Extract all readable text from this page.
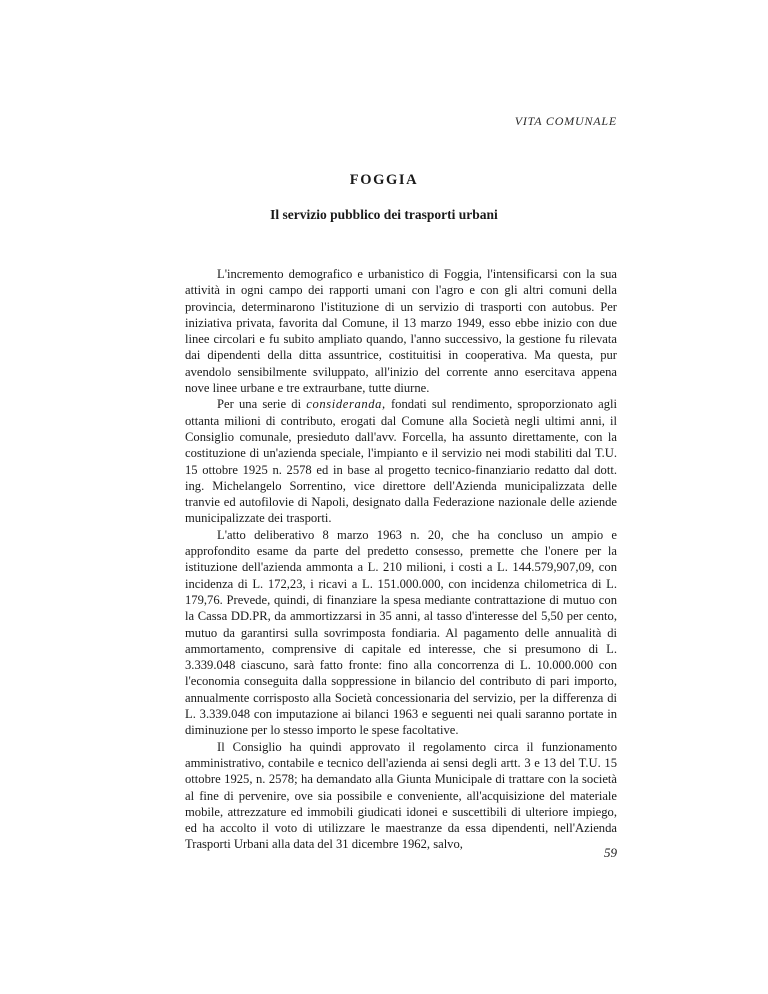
VITA COMUNALE
FOGGIA
Il servizio pubblico dei trasporti urbani

L'incremento demografico e urbanistico di Foggia, l'intensificarsi con la sua attività in ogni campo dei rapporti umani con l'agro e con gli altri comuni della provincia, determinarono l'istituzione di un servizio di trasporti con autobus. Per iniziativa privata, favorita dal Comune, il 13 marzo 1949, esso ebbe inizio con due linee circolari e fu subito ampliato quando, l'anno successivo, la gestione fu rilevata dai dipendenti della ditta assuntrice, costituitisi in cooperativa. Ma questa, pur avendolo sensibilmente sviluppato, all'inizio del corrente anno esercitava appena nove linee urbane e tre extraurbane, tutte diurne.

Per una serie di consideranda, fondati sul rendimento, sproporzionato agli ottanta milioni di contributo, erogati dal Comune alla Società negli ultimi anni, il Consiglio comunale, presieduto dall'avv. Forcella, ha assunto direttamente, con la costituzione di un'azienda speciale, l'impianto e il servizio nei modi stabiliti dal T.U. 15 ottobre 1925 n. 2578 ed in base al progetto tecnico-finanziario redatto dal dott. ing. Michelangelo Sorrentino, vice direttore dell'Azienda municipalizzata delle tranvie ed autofilovie di Napoli, designato dalla Federazione nazionale delle aziende municipalizzate dei trasporti.

L'atto deliberativo 8 marzo 1963 n. 20, che ha concluso un ampio e approfondito esame da parte del predetto consesso, premette che l'onere per la istituzione dell'azienda ammonta a L. 210 milioni, i costi a L. 144.579,907,09, con incidenza di L. 172,23, i ricavi a L. 151.000.000, con incidenza chilometrica di L. 179,76. Prevede, quindi, di finanziare la spesa mediante contrattazione di mutuo con la Cassa DD.PR, da ammortizzarsi in 35 anni, al tasso d'interesse del 5,50 per cento, mutuo da garantirsi sulla sovrimposta fondiaria. Al pagamento delle annualità di ammortamento, comprensive di capitale ed interesse, che si presumono di L. 3.339.048 ciascuno, sarà fatto fronte: fino alla concorrenza di L. 10.000.000 con l'economia conseguita dalla soppressione in bilancio del contributo di pari importo, annualmente corrisposto alla Società concessionaria del servizio, per la differenza di L. 3.339.048 con imputazione ai bilanci 1963 e seguenti nei quali saranno portate in diminuzione per lo stesso importo le spese facoltative.

Il Consiglio ha quindi approvato il regolamento circa il funzionamento amministrativo, contabile e tecnico dell'azienda ai sensi degli artt. 3 e 13 del T.U. 15 ottobre 1925, n. 2578; ha demandato alla Giunta Municipale di trattare con la società al fine di pervenire, ove sia possibile e conveniente, all'acquisizione del materiale mobile, attrezzature ed immobili giudicati idonei e suscettibili di ulteriore impiego, ed ha accolto il voto di utilizzare le maestranze da essa dipendenti, nell'Azienda Trasporti Urbani alla data del 31 dicembre 1962, salvo,

59
